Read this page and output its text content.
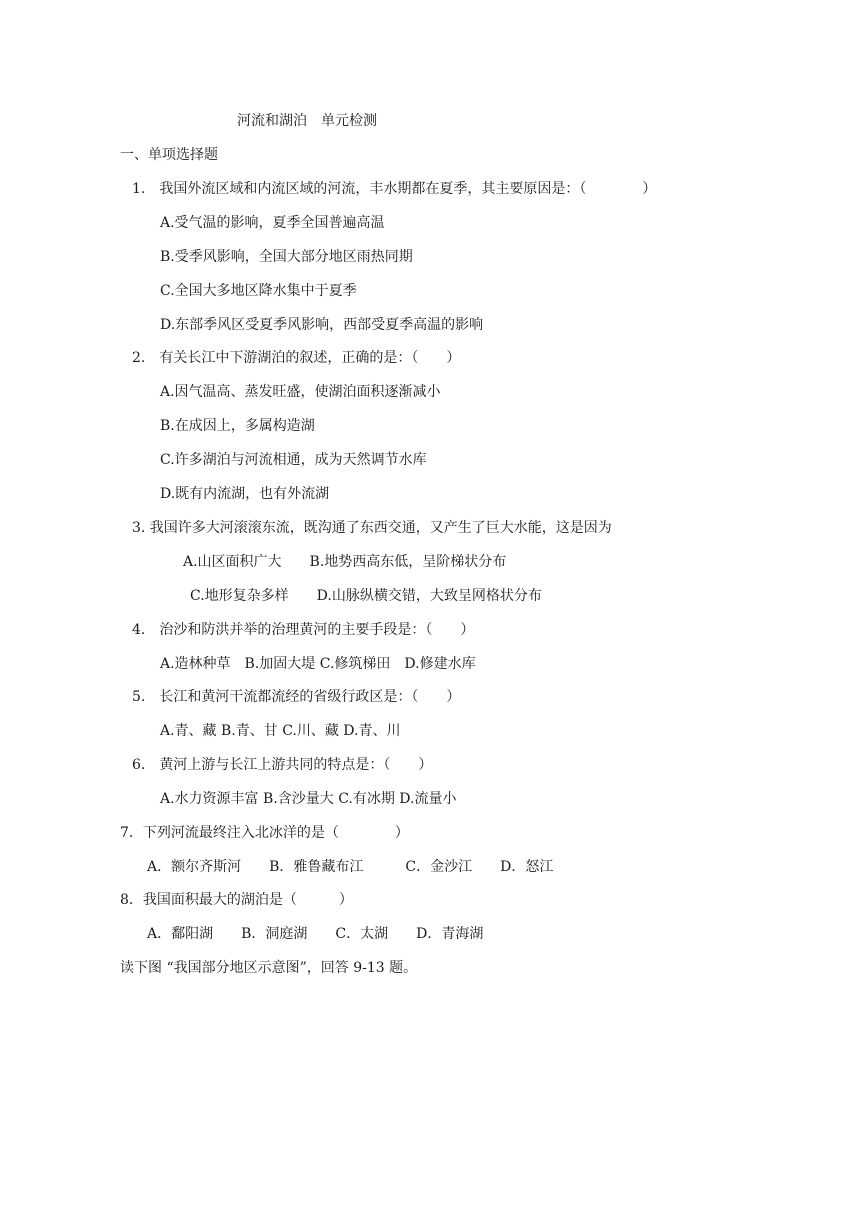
河流和湖泊　单元检测
一、单项选择题
1.　我国外流区域和内流区域的河流，丰水期都在夏季，其主要原因是：（　　　　）
A.受气温的影响，夏季全国普遍高温
B.受季风影响，全国大部分地区雨热同期
C.全国大多地区降水集中于夏季
D.东部季风区受夏季风影响，西部受夏季高温的影响
2.　有关长江中下游湖泊的叙述，正确的是：（　　）
A.因气温高、蒸发旺盛，使湖泊面积逐渐减小
B.在成因上，多属构造湖
C.许多湖泊与河流相通，成为天然调节水库
D.既有内流湖，也有外流湖
3. 我国许多大河滚滚东流，既沟通了东西交通，又产生了巨大水能，这是因为
A.山区面积广大　　B.地势西高东低，呈阶梯状分布
C.地形复杂多样　　D.山脉纵横交错，大致呈网格状分布
4.　治沙和防洪并举的治理黄河的主要手段是：（　　）
A.造林种草　B.加固大堤 C.修筑梯田　D.修建水库
5.　长江和黄河干流都流经的省级行政区是：（　　）
A.青、藏 B.青、甘 C.川、藏 D.青、川
6.　黄河上游与长江上游共同的特点是：（　　）
A.水力资源丰富 B.含沙量大 C.有冰期 D.流量小
7．下列河流最终注入北冰洋的是（　　　　）
A．额尔齐斯河　　B．雅鲁藏布江　　　C．金沙江　　D．怒江
8．我国面积最大的湖泊是（　　　）
A．鄱阳湖　　B．洞庭湖　　C．太湖　　D．青海湖
读下图 “我国部分地区示意图”，回答 9-13 题。
